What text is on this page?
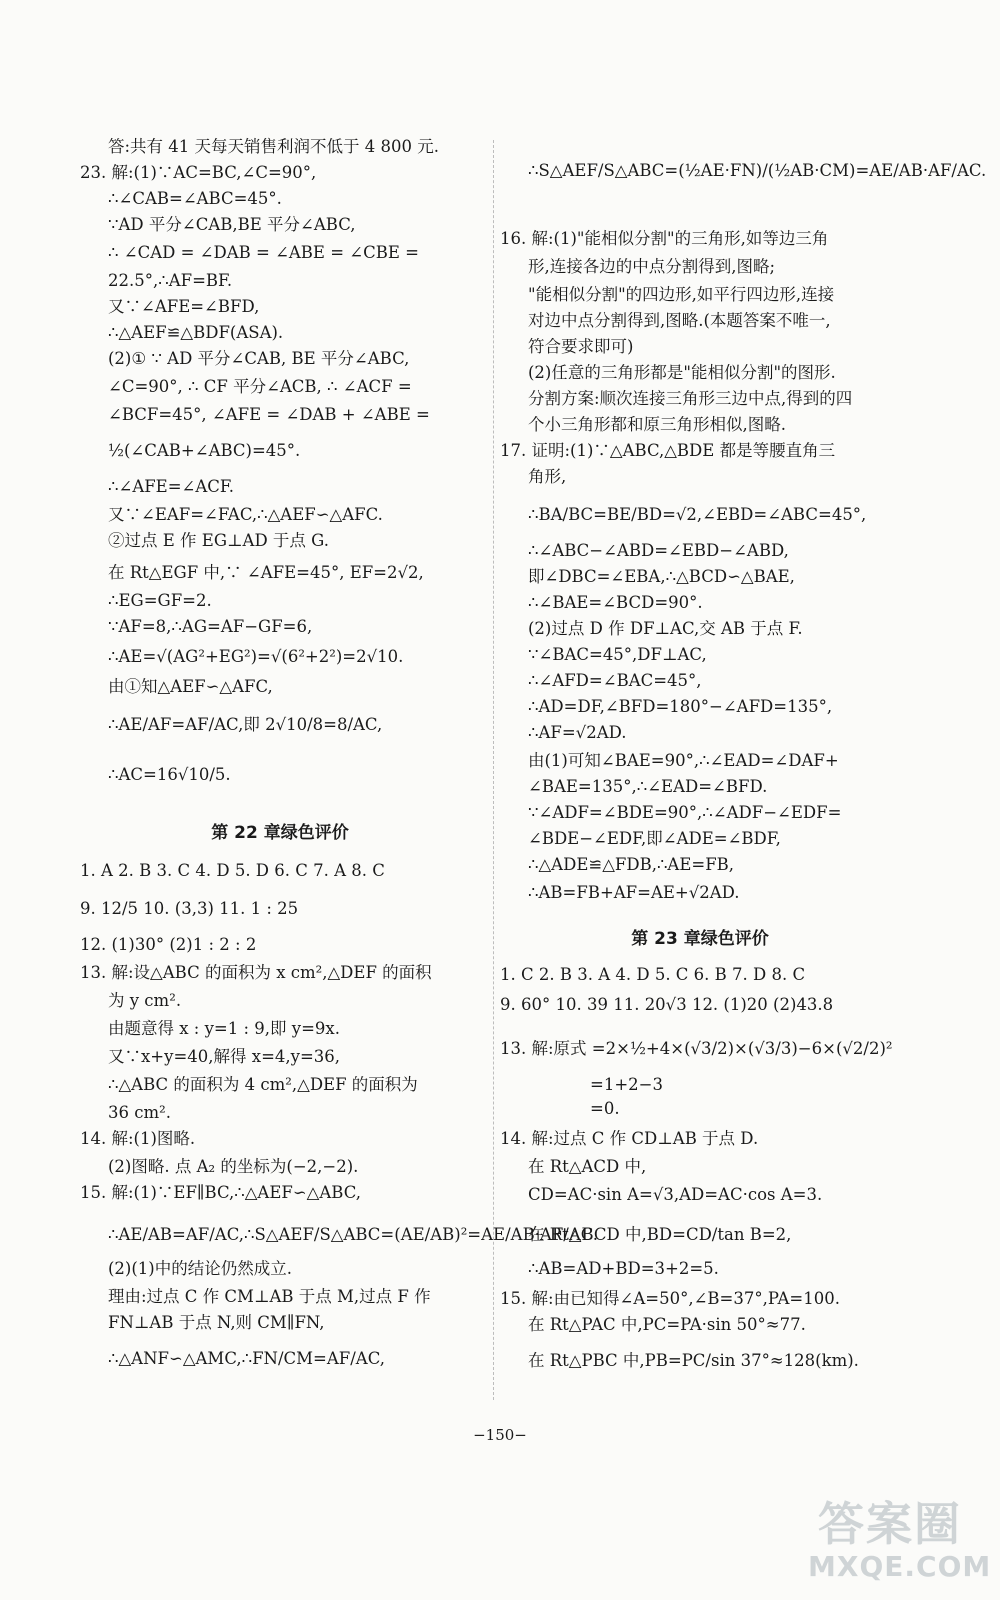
答:共有 41 天每天销售利润不低于 4 800 元.
23. 解:(1)∵AC=BC,∠C=90°,
∴∠CAB=∠ABC=45°.
∵AD 平分∠CAB,BE 平分∠ABC,
∴ ∠CAD = ∠DAB = ∠ABE = ∠CBE =
22.5°,∴AF=BF.
又∵∠AFE=∠BFD,
∴△AEF≌△BDF(ASA).
(2)① ∵ AD 平分∠CAB, BE 平分∠ABC,
∠C=90°, ∴ CF 平分∠ACB, ∴ ∠ACF =
∠BCF=45°, ∠AFE = ∠DAB + ∠ABE =
½(∠CAB+∠ABC)=45°.
∴∠AFE=∠ACF.
又∵∠EAF=∠FAC,∴△AEF∽△AFC.
②过点 E 作 EG⊥AD 于点 G.
在 Rt△EGF 中,∵ ∠AFE=45°, EF=2√2,
∴EG=GF=2.
∵AF=8,∴AG=AF−GF=6,
∴AE=√(AG²+EG²)=√(6²+2²)=2√10.
由①知△AEF∽△AFC,
∴AE/AF=AF/AC,即 2√10/8=8/AC,
∴AC=16√10/5.
第 22 章绿色评价
1. A 2. B 3. C 4. D 5. D 6. C 7. A 8. C
9. 12/5 10. (3,3) 11. 1 : 25
12. (1)30° (2)1 : 2 : 2
13. 解:设△ABC 的面积为 x cm²,△DEF 的面积
为 y cm².
由题意得 x : y=1 : 9,即 y=9x.
又∵x+y=40,解得 x=4,y=36,
∴△ABC 的面积为 4 cm²,△DEF 的面积为
36 cm².
14. 解:(1)图略.
(2)图略. 点 A₂ 的坐标为(−2,−2).
15. 解:(1)∵EF∥BC,∴△AEF∽△ABC,
∴AE/AB=AF/AC,∴S△AEF/S△ABC=(AE/AB)²=AE/AB·AF/AC.
(2)(1)中的结论仍然成立.
理由:过点 C 作 CM⊥AB 于点 M,过点 F 作
FN⊥AB 于点 N,则 CM∥FN,
∴△ANF∽△AMC,∴FN/CM=AF/AC,
∴S△AEF/S△ABC=(½AE·FN)/(½AB·CM)=AE/AB·AF/AC.
16. 解:(1)"能相似分割"的三角形,如等边三角
形,连接各边的中点分割得到,图略;
"能相似分割"的四边形,如平行四边形,连接
对边中点分割得到,图略.(本题答案不唯一,
符合要求即可)
(2)任意的三角形都是"能相似分割"的图形.
分割方案:顺次连接三角形三边中点,得到的四
个小三角形都和原三角形相似,图略.
17. 证明:(1)∵△ABC,△BDE 都是等腰直角三
角形,
∴BA/BC=BE/BD=√2,∠EBD=∠ABC=45°,
∴∠ABC−∠ABD=∠EBD−∠ABD,
即∠DBC=∠EBA,∴△BCD∽△BAE,
∴∠BAE=∠BCD=90°.
(2)过点 D 作 DF⊥AC,交 AB 于点 F.
∵∠BAC=45°,DF⊥AC,
∴∠AFD=∠BAC=45°,
∴AD=DF,∠BFD=180°−∠AFD=135°,
∴AF=√2AD.
由(1)可知∠BAE=90°,∴∠EAD=∠DAF+
∠BAE=135°,∴∠EAD=∠BFD.
∵∠ADF=∠BDE=90°,∴∠ADF−∠EDF=
∠BDE−∠EDF,即∠ADE=∠BDF,
∴△ADE≌△FDB,∴AE=FB,
∴AB=FB+AF=AE+√2AD.
第 23 章绿色评价
1. C 2. B 3. A 4. D 5. C 6. B 7. D 8. C
9. 60° 10. 39 11. 20√3 12. (1)20 (2)43.8
13. 解:原式 =2×½+4×(√3/2)×(√3/3)−6×(√2/2)²
=1+2−3
=0.
14. 解:过点 C 作 CD⊥AB 于点 D.
在 Rt△ACD 中,
CD=AC·sin A=√3,AD=AC·cos A=3.
在 Rt△BCD 中,BD=CD/tan B=2,
∴AB=AD+BD=3+2=5.
15. 解:由已知得∠A=50°,∠B=37°,PA=100.
在 Rt△PAC 中,PC=PA·sin 50°≈77.
在 Rt△PBC 中,PB=PC/sin 37°≈128(km).
−150−
答案圈
MXQE.COM
